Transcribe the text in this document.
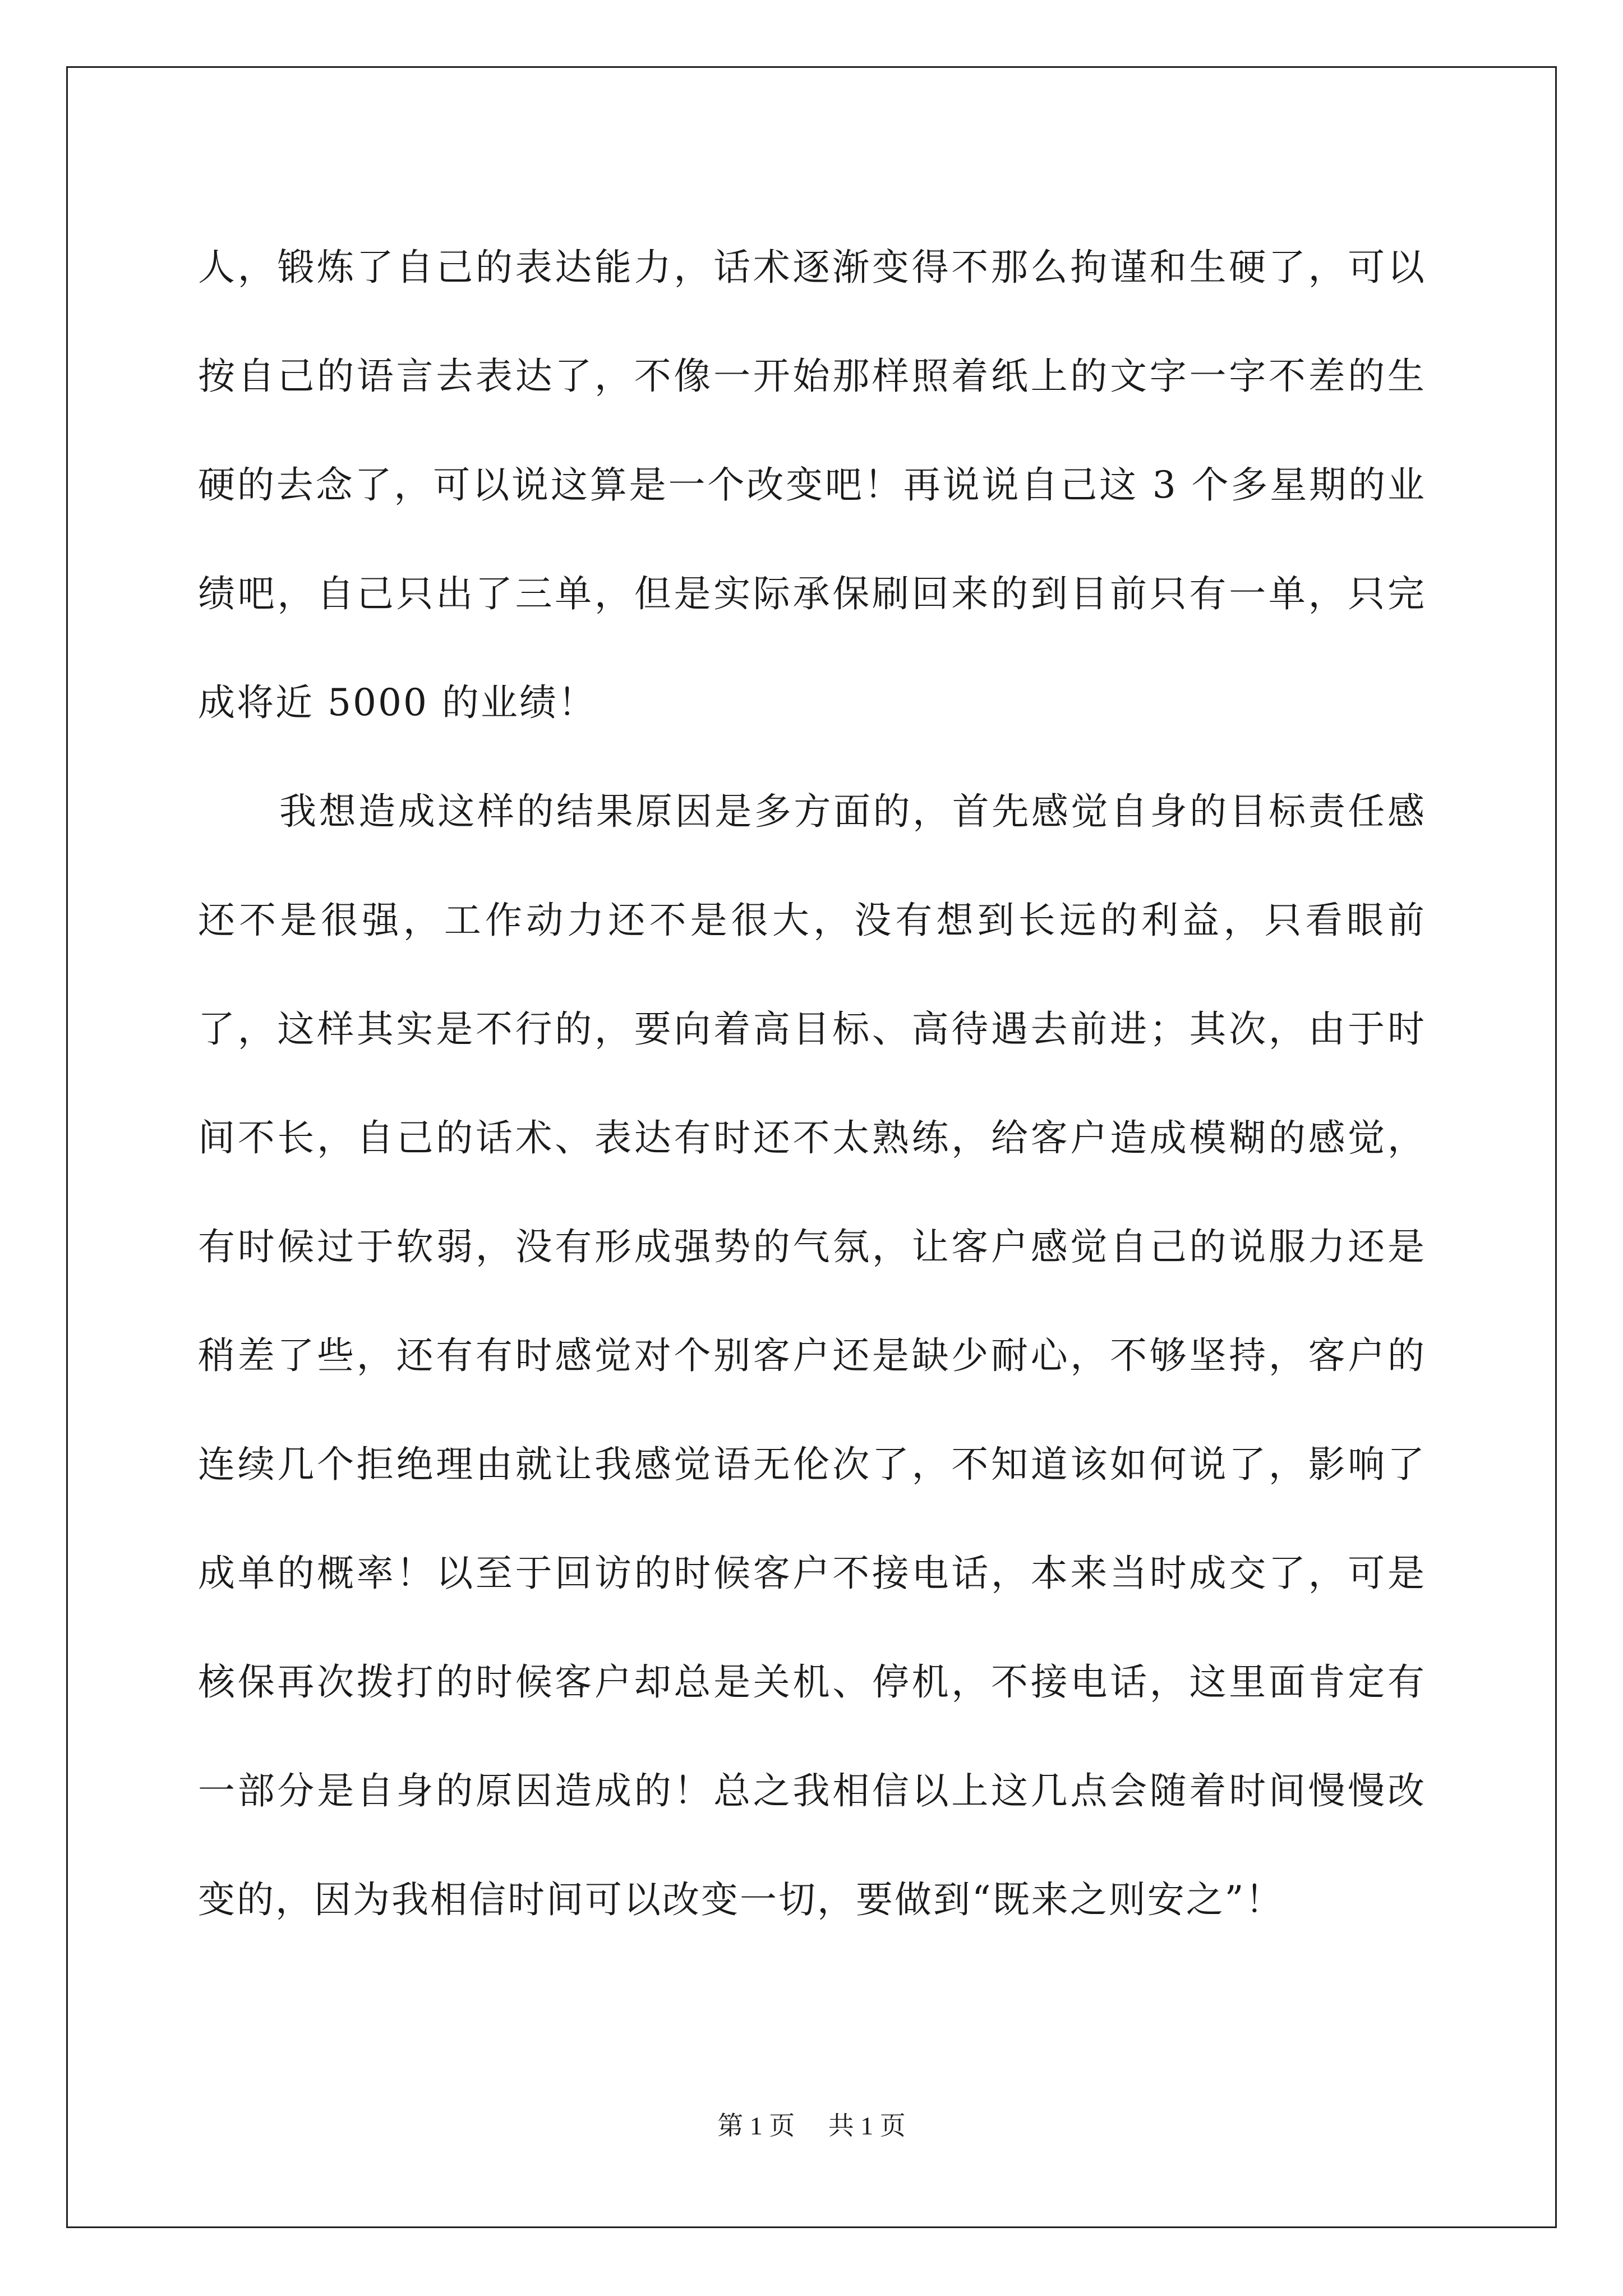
人，锻炼了自己的表达能力，话术逐渐变得不那么拘谨和生硬了，可以按自己的语言去表达了，不像一开始那样照着纸上的文字一字不差的生硬的去念了，可以说这算是一个改变吧！再说说自己这 3 个多星期的业绩吧，自己只出了三单，但是实际承保刷回来的到目前只有一单，只完成将近 5000 的业绩！

我想造成这样的结果原因是多方面的，首先感觉自身的目标责任感还不是很强，工作动力还不是很大，没有想到长远的利益，只看眼前了，这样其实是不行的，要向着高目标、高待遇去前进；其次，由于时间不长，自己的话术、表达有时还不太熟练，给客户造成模糊的感觉，有时候过于软弱，没有形成强势的气氛，让客户感觉自己的说服力还是稍差了些，还有有时感觉对个别客户还是缺少耐心，不够坚持，客户的连续几个拒绝理由就让我感觉语无伦次了，不知道该如何说了，影响了成单的概率！以至于回访的时候客户不接电话，本来当时成交了，可是核保再次拨打的时候客户却总是关机、停机，不接电话，这里面肯定有一部分是自身的原因造成的！总之我相信以上这几点会随着时间慢慢改变的，因为我相信时间可以改变一切，要做到“既来之则安之”！

第 1 页 共 1 页
